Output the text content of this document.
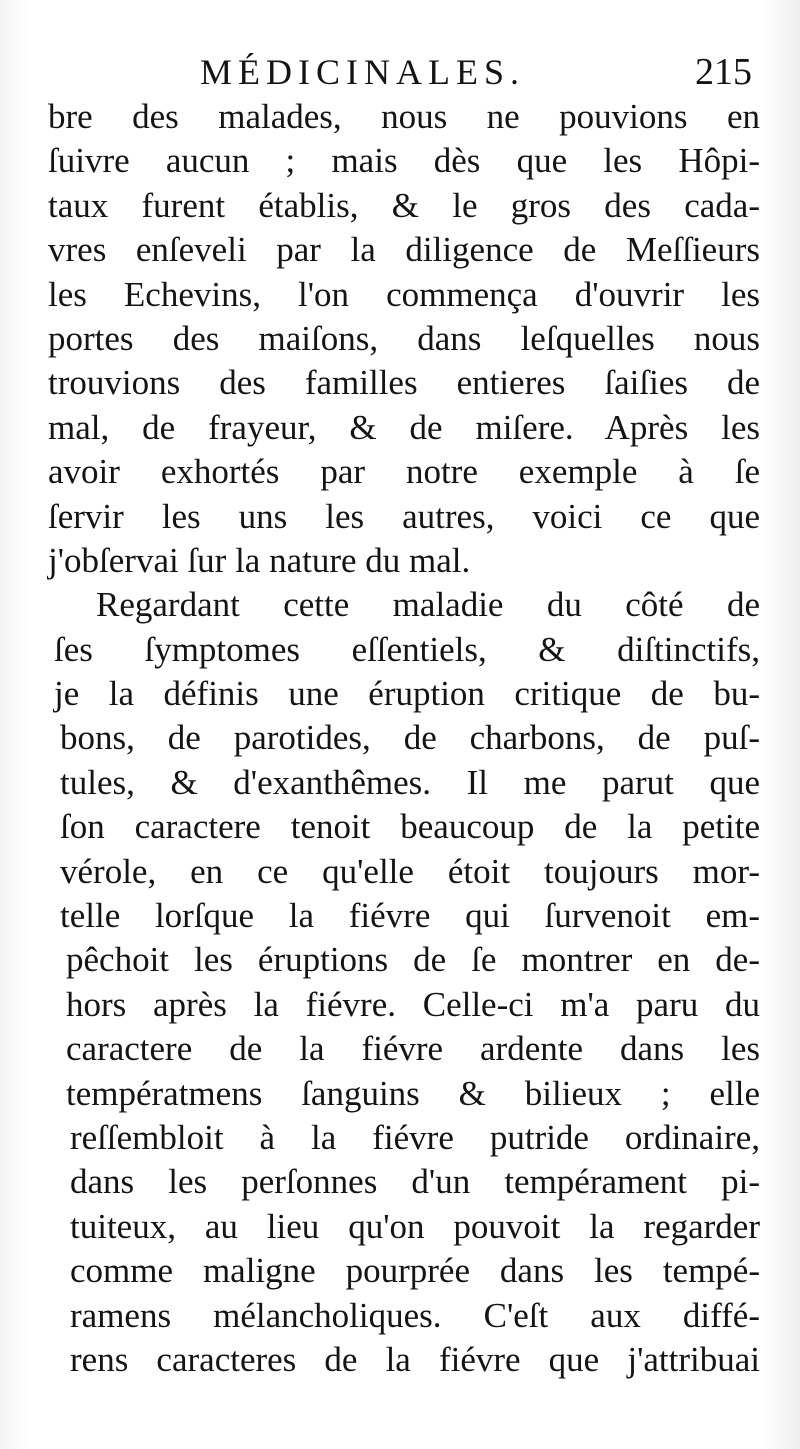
MÉDICINALES.	215
bre des malades, nous ne pouvions en
ſuivre aucun ; mais dès que les Hôpi-
taux furent établis, & le gros des cada-
vres enſeveli par la diligence de Meſſieurs
les Echevins, l'on commença d'ouvrir les
portes des maiſons, dans leſquelles nous
trouvions des familles entieres ſaiſies de
mal, de frayeur, & de miſere. Après les
avoir exhortés par notre exemple à ſe
ſervir les uns les autres, voici ce que
j'obſervai ſur la nature du mal.
Regardant cette maladie du côté de
ſes ſymptomes eſſentiels, & diſtinctifs,
je la définis une éruption critique de bu-
bons, de parotides, de charbons, de puſ-
tules, & d'exanthêmes. Il me parut que
ſon caractere tenoit beaucoup de la petite
vérole, en ce qu'elle étoit toujours mor-
telle lorſque la fiévre qui ſurvenoit em-
pêchoit les éruptions de ſe montrer en de-
hors après la fiévre. Celle-ci m'a paru du
caractere de la fiévre ardente dans les
températmens ſanguins & bilieux ; elle
reſſembloit à la fiévre putride ordinaire,
dans les perſonnes d'un tempérament pi-
tuiteux, au lieu qu'on pouvoit la regarder
comme maligne pourprée dans les tempé-
ramens mélancholiques. C'eſt aux diffé-
rens caracteres de la fiévre que j'attribuai
